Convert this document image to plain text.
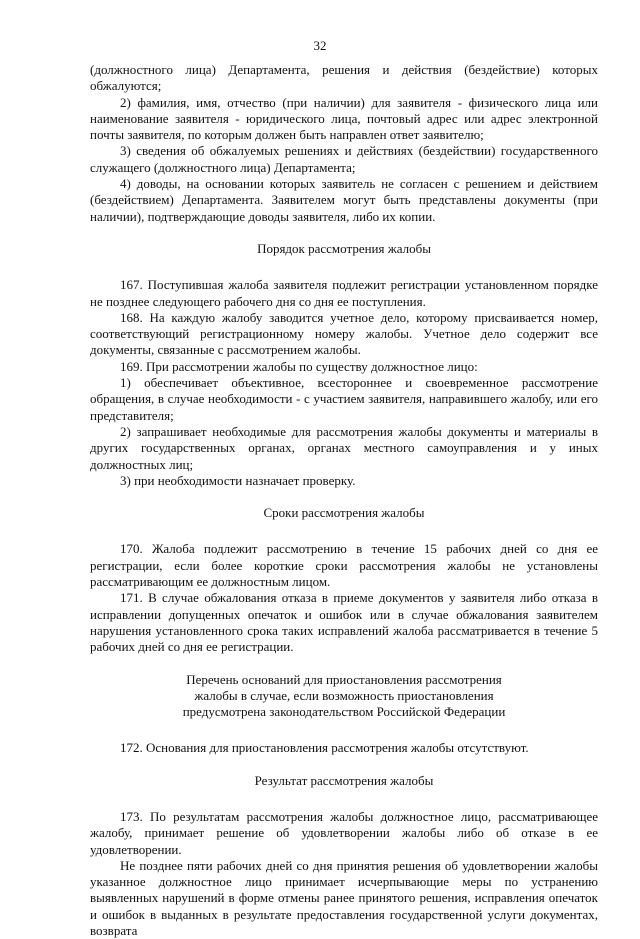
32

(должностного лица) Департамента, решения и действия (бездействие) которых обжалуются;

2) фамилия, имя, отчество (при наличии) для заявителя - физического лица или наименование заявителя - юридического лица, почтовый адрес или адрес электронной почты заявителя, по которым должен быть направлен ответ заявителю;

3) сведения об обжалуемых решениях и действиях (бездействии) государственного служащего (должностного лица) Департамента;

4) доводы, на основании которых заявитель не согласен с решением и действием (бездействием) Департамента. Заявителем могут быть представлены документы (при наличии), подтверждающие доводы заявителя, либо их копии.

Порядок рассмотрения жалобы

167. Поступившая жалоба заявителя подлежит регистрации установленном порядке не позднее следующего рабочего дня со дня ее поступления.

168. На каждую жалобу заводится учетное дело, которому присваивается номер, соответствующий регистрационному номеру жалобы. Учетное дело содержит все документы, связанные с рассмотрением жалобы.

169. При рассмотрении жалобы по существу должностное лицо:

1) обеспечивает объективное, всестороннее и своевременное рассмотрение обращения, в случае необходимости - с участием заявителя, направившего жалобу, или его представителя;

2) запрашивает необходимые для рассмотрения жалобы документы и материалы в других государственных органах, органах местного самоуправления и у иных должностных лиц;

3) при необходимости назначает проверку.

Сроки рассмотрения жалобы

170. Жалоба подлежит рассмотрению в течение 15 рабочих дней со дня ее регистрации, если более короткие сроки рассмотрения жалобы не установлены рассматривающим ее должностным лицом.

171. В случае обжалования отказа в приеме документов у заявителя либо отказа в исправлении допущенных опечаток и ошибок или в случае обжалования заявителем нарушения установленного срока таких исправлений жалоба рассматривается в течение 5 рабочих дней со дня ее регистрации.

Перечень оснований для приостановления рассмотрения
жалобы в случае, если возможность приостановления
предусмотрена законодательством Российской Федерации

172. Основания для приостановления рассмотрения жалобы отсутствуют.

Результат рассмотрения жалобы

173. По результатам рассмотрения жалобы должностное лицо, рассматривающее жалобу, принимает решение об удовлетворении жалобы либо об отказе в ее удовлетворении.

Не позднее пяти рабочих дней со дня принятия решения об удовлетворении жалобы указанное должностное лицо принимает исчерпывающие меры по устранению выявленных нарушений в форме отмены ранее принятого решения, исправления опечаток и ошибок в выданных в результате предоставления государственной услуги документах, возврата
